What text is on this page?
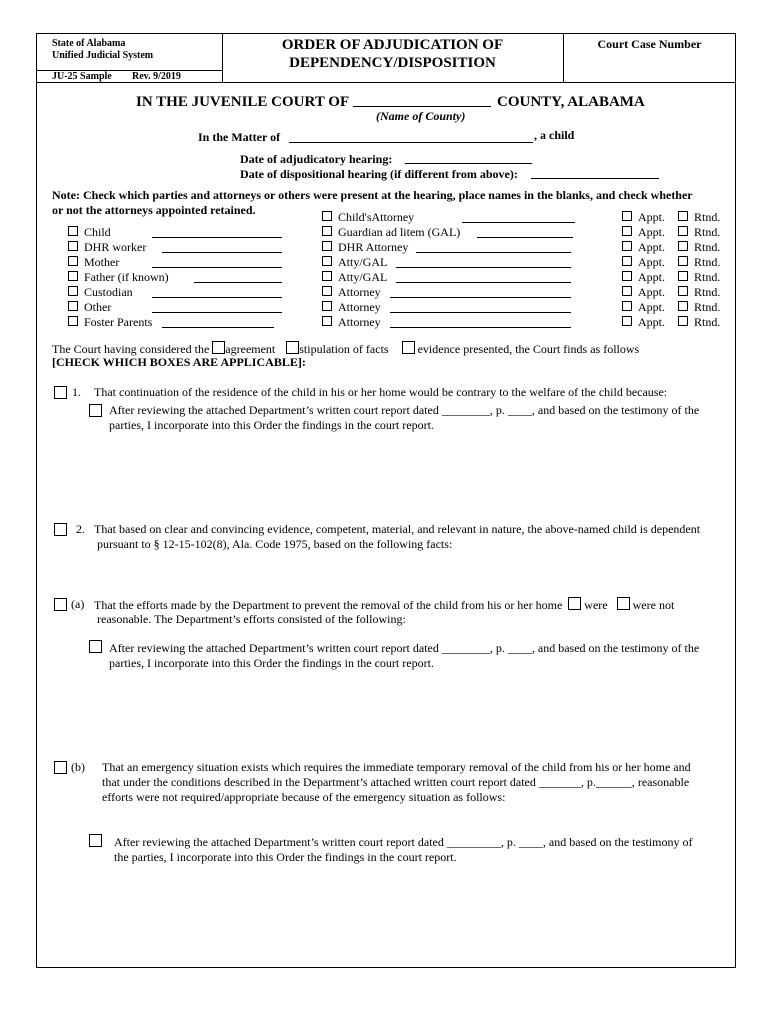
State of Alabama
Unified Judicial System
JU-25 Sample Rev. 9/2019
ORDER OF ADJUDICATION OF
DEPENDENCY/DISPOSITION
Court Case Number
IN THE JUVENILE COURT OF	COUNTY, ALABAMA
(Name of County)
In the Matter of	, a child
Date of adjudicatory hearing:
Date of dispositional hearing (if different from above):
Note: Check which parties and attorneys or others were present at the hearing, place names in the blanks, and check whether
or not the attorneys appointed retained.
Child
DHR worker
Mother
Father (if known)
Custodian
Other
Foster Parents
Child'sAttorney
Guardian ad litem (GAL)
DHR Attorney
Atty/GAL
Atty/GAL
Attorney
Attorney
Attorney
Appt.
Appt.
Appt.
Appt.
Appt.
Appt.
Appt.
Appt.
Rtnd.
Rtnd.
Rtnd.
Rtnd.
Rtnd.
Rtnd.
Rtnd.
Rtnd.
The Court having considered the agreement stipulation of facts evidence presented, the Court finds as follows
[CHECK WHICH BOXES ARE APPLICABLE]:
1. That continuation of the residence of the child in his or her home would be contrary to the welfare of the child because:
After reviewing the attached Department’s written court report dated ________, p. ____, and based on the testimony of the
parties, I incorporate into this Order the findings in the court report.
2. That based on clear and convincing evidence, competent, material, and relevant in nature, the above-named child is dependent
pursuant to § 12-15-102(8), Ala. Code 1975, based on the following facts:
(a) That the efforts made by the Department to prevent the removal of the child from his or her home were were not
reasonable. The Department’s efforts consisted of the following:
After reviewing the attached Department’s written court report dated ________, p. ____, and based on the testimony of the
parties, I incorporate into this Order the findings in the court report.
(b) That an emergency situation exists which requires the immediate temporary removal of the child from his or her home and
that under the conditions described in the Department’s attached written court report dated _______, p.______, reasonable
efforts were not required/appropriate because of the emergency situation as follows:
After reviewing the attached Department’s written court report dated _________, p. ____, and based on the testimony of
the parties, I incorporate into this Order the findings in the court report.
